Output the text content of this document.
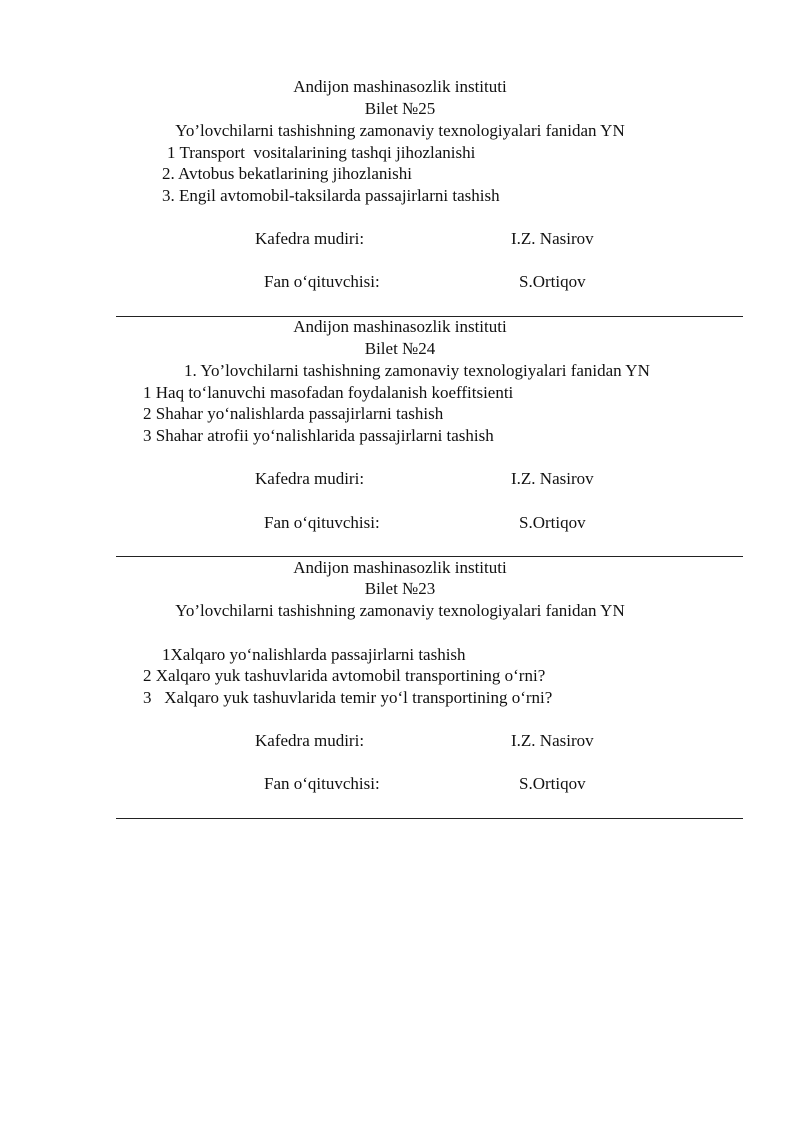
Andijon mashinasozlik instituti
Bilet №25
Yo’lovchilarni tashishning zamonaviy texnologiyalari fanidan YN
1 Transport  vositalarining tashqi jihozlanishi
2. Avtobus bekatlarining jihozlanishi
3. Engil avtomobil-taksilarda passajirlarni tashish
Kafedra mudiri:	I.Z. Nasirov
Fan o‘qituvchisi:	S.Ortiqov
Andijon mashinasozlik instituti
Bilet №24
1. Yo’lovchilarni tashishning zamonaviy texnologiyalari fanidan YN
1 Haq to‘lanuvchi masofadan foydalanish koeffitsienti
2 Shahar yo‘nalishlarda passajirlarni tashish
3 Shahar atrofii yo‘nalishlarida passajirlarni tashish
Kafedra mudiri:	I.Z. Nasirov
Fan o‘qituvchisi:	S.Ortiqov
Andijon mashinasozlik instituti
Bilet №23
Yo’lovchilarni tashishning zamonaviy texnologiyalari fanidan YN
1Xalqaro yo‘nalishlarda passajirlarni tashish
2 Xalqaro yuk tashuvlarida avtomobil transportining o‘rni?
3   Xalqaro yuk tashuvlarida temir yo‘l transportining o‘rni?
Kafedra mudiri:	I.Z. Nasirov
Fan o‘qituvchisi:	S.Ortiqov
